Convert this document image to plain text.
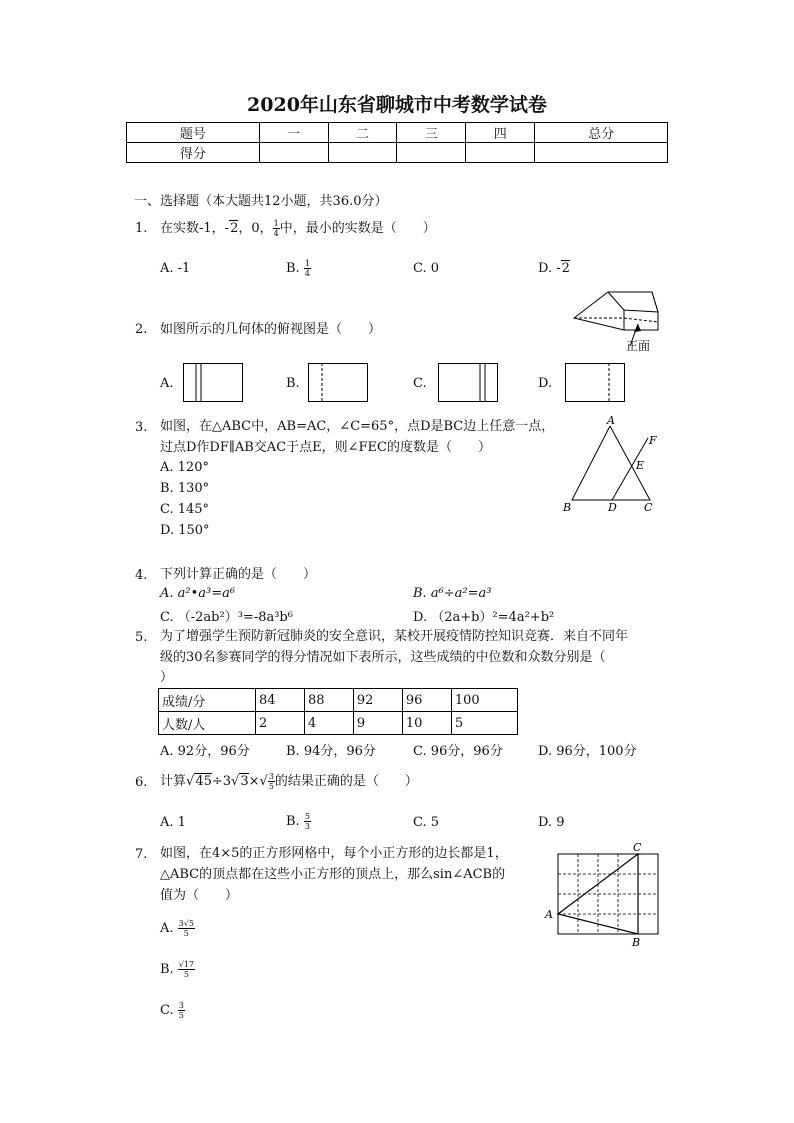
2020年山东省聊城市中考数学试卷
题号	一	二	三	四	总分
得分					
一、选择题（本大题共12小题，共36.0分）
1. 在实数-1，-2，0， $\frac{1}{4}$ 中，最小的实数是（　　）
A. -1	B. $\frac{1}{4}$	C. 0	D. -2
2. 如图所示的几何体的俯视图是（　　）
正面
A.	B.	C.	D.
3. 如图，在△ABC中，AB=AC，∠C=65°，点D是BC边上任意一点，
过点D作DF∥AB交AC于点E，则∠FEC的度数是（　　）
A. 120°
B. 130°
C. 145°
D. 150°
A
B	D C
E
F
4. 下列计算正确的是（　　）
A. a²•a³=a⁶	B. a⁶÷a²=a³
C. （-2ab²）³=-8a³b⁶	D. （2a+b）²=4a²+b²
5. 为了增强学生预防新冠肺炎的安全意识，某校开展疫情防控知识竞赛．来自不同年
级的30名参赛同学的得分情况如下表所示，这些成绩的中位数和众数分别是（
）
成绩/分	84	88	92	96	100
人数/人	2	4	9	10	5
A. 92分，96分	B. 94分，96分	C. 96分，96分	D. 96分，100分
6. 计算$√45\div 3√3\times√ \frac{3}{5}$ 的结果正确的是（　　）
A. 1	B. $\frac{5}{3}$	C. 5	D. 9
7. 如图，在4×5的正方形网格中，每个小正方形的边长都是1，
△ABC的顶点都在这些小正方形的顶点上，那么sin∠ACB的
值为（　　）
A. $\frac{3√5}{5}$
B. $\frac{√17}{5}$
C. $\frac{3}{5}$
A
B
C
